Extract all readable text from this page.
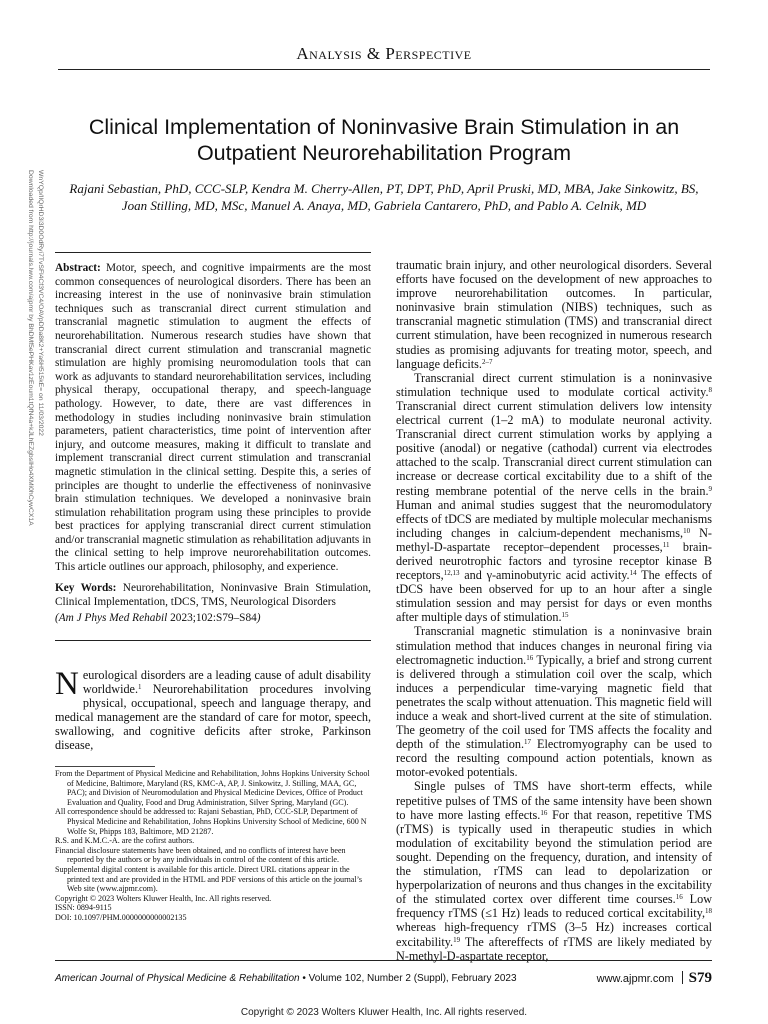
Analysis & Perspective
Clinical Implementation of Noninvasive Brain Stimulation in an Outpatient Neurorehabilitation Program
Rajani Sebastian, PhD, CCC-SLP, Kendra M. Cherry-Allen, PT, DPT, PhD, April Pruski, MD, MBA, Jake Sinkowitz, BS, Joan Stilling, MD, MSc, Manuel A. Anaya, MD, Gabriela Cantarero, PhD, and Pablo A. Celnik, MD
Downloaded from http://journals.lww.com/ajpmr by BhDMf5ePHKav1zEoum1tQfN4a+kJLhEZgbsIHo4XMi0hCywCX1A WnYQp/IlQrHD3i3D0OdRyi7TvSFl4Cf3VC4/OAVpDDa8K2+Ya6H515kE= on 11/03/2022 Abstract: Motor, speech, and cognitive impairments are the most common consequences of neurological disorders. There has been an increasing interest in the use of noninvasive brain stimulation techniques such as transcranial direct current stimulation and transcranial magnetic stimulation to augment the effects of neurorehabilitation. Numerous research studies have shown that transcranial direct current stimulation and transcranial magnetic stimulation are highly promising neuromodulation tools that can work as adjuvants to standard neurorehabilitation services, including physical therapy, occupational therapy, and speech-language pathology. However, to date, there are vast differences in methodology in studies including noninvasive brain stimulation parameters, patient characteristics, time point of intervention after injury, and outcome measures, making it difficult to translate and implement transcranial direct current stimulation and transcranial magnetic stimulation in the clinical setting. Despite this, a series of principles are thought to underlie the effectiveness of noninvasive brain stimulation techniques. We developed a noninvasive brain stimulation rehabilitation program using these principles to provide best practices for applying transcranial direct current stimulation and/or transcranial magnetic stimulation as rehabilitation adjuvants in the clinical setting to help improve neurorehabilitation outcomes. This article outlines our approach, philosophy, and experience.
Key Words: Neurorehabilitation, Noninvasive Brain Stimulation, Clinical Implementation, tDCS, TMS, Neurological Disorders
(Am J Phys Med Rehabil 2023;102:S79–S84)
Neurological disorders are a leading cause of adult disability worldwide.$^1$ Neurorehabilitation procedures involving physical, occupational, speech and language therapy, and medical management are the standard of care for motor, speech, swallowing, and cognitive deficits after stroke, Parkinson disease,

From the Department of Physical Medicine and Rehabilitation, Johns Hopkins University School of Medicine, Baltimore, Maryland (RS, KMC-A, AP, J. Sinkowitz, J. Stilling, MAA, GC, PAC); and Division of Neuromodulation and Physical Medicine Devices, Office of Product Evaluation and Quality, Food and Drug Administration, Silver Spring, Maryland (GC).

All correspondence should be addressed to: Rajani Sebastian, PhD, CCC-SLP, Department of Physical Medicine and Rehabilitation, Johns Hopkins University School of Medicine, 600 N Wolfe St, Phipps 183, Baltimore, MD 21287.

R.S. and K.M.C.-A. are the cofirst authors.

Financial disclosure statements have been obtained, and no conflicts of interest have been reported by the authors or by any individuals in control of the content of this article.

Supplemental digital content is available for this article. Direct URL citations appear in the printed text and are provided in the HTML and PDF versions of this article on the journal’s Web site (www.ajpmr.com).

Copyright © 2023 Wolters Kluwer Health, Inc. All rights reserved.

ISSN: 0894-9115

DOI: 10.1097/PHM.0000000000002135

traumatic brain injury, and other neurological disorders. Several efforts have focused on the development of new approaches to improve neurorehabilitation outcomes. In particular, noninvasive brain stimulation (NIBS) techniques, such as transcranial magnetic stimulation (TMS) and transcranial direct current stimulation, have been recognized in numerous research studies as promising adjuvants for treating motor, speech, and language deficits.$^{2-7}$

Transcranial direct current stimulation is a noninvasive stimulation technique used to modulate cortical activity.$^8$ Transcranial direct current stimulation delivers low intensity electrical current (1–2 mA) to modulate neuronal activity. Transcranial direct current stimulation works by applying a positive (anodal) or negative (cathodal) current via electrodes attached to the scalp. Transcranial direct current stimulation can increase or decrease cortical excitability due to a shift of the resting membrane potential of the nerve cells in the brain.$^9$ Human and animal studies suggest that the neuromodulatory effects of tDCS are mediated by multiple molecular mechanisms including changes in calcium-dependent mechanisms,$^{10}$ N-methyl-D-aspartate receptor–dependent processes,$^{11}$ brain-derived neurotrophic factors and tyrosine receptor kinase B receptors,$^{12,13}$ and γ-aminobutyric acid activity.$^{14}$ The effects of tDCS have been observed for up to an hour after a single stimulation session and may persist for days or even months after multiple days of stimulation.$^{15}$

Transcranial magnetic stimulation is a noninvasive brain stimulation method that induces changes in neuronal firing via electromagnetic induction.$^{16}$ Typically, a brief and strong current is delivered through a stimulation coil over the scalp, which induces a perpendicular time-varying magnetic field that penetrates the scalp without attenuation. This magnetic field will induce a weak and short-lived current at the site of stimulation. The geometry of the coil used for TMS affects the focality and depth of the stimulation.$^{17}$ Electromyography can be used to record the resulting compound action potentials, known as motor-evoked potentials.

Single pulses of TMS have short-term effects, while repetitive pulses of TMS of the same intensity have been shown to have more lasting effects.$^{16}$ For that reason, repetitive TMS (rTMS) is typically used in therapeutic studies in which modulation of excitability beyond the stimulation period are sought. Depending on the frequency, duration, and intensity of the stimulation, rTMS can lead to depolarization or hyperpolarization of neurons and thus changes in the excitability of the stimulated cortex over different time courses.$^{16}$ Low frequency rTMS (≤1 Hz) leads to reduced cortical excitability,$^{18}$ whereas high-frequency rTMS (3–5 Hz) increases cortical excitability.$^{19}$ The aftereffects of rTMS are likely mediated by N-methyl-D-aspartate receptor,

American Journal of Physical Medicine & Rehabilitation • Volume 102, Number 2 (Suppl), February 2023	www.ajpmr.com S79
Copyright © 2023 Wolters Kluwer Health, Inc. All rights reserved.
